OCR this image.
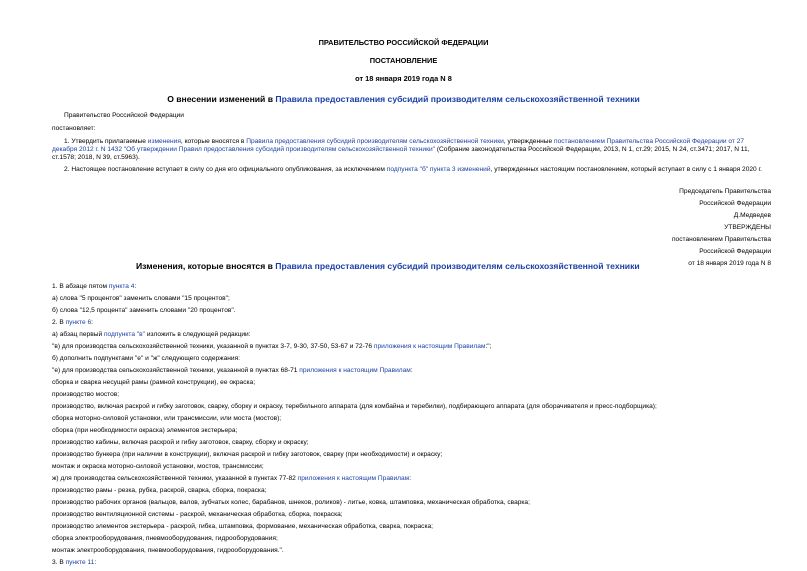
ПРАВИТЕЛЬСТВО РОССИЙСКОЙ ФЕДЕРАЦИИ
ПОСТАНОВЛЕНИЕ
от 18 января 2019 года N 8
О внесении изменений в Правила предоставления субсидий производителям сельскохозяйственной техники
Правительство Российской Федерации
постановляет:
1. Утвердить прилагаемые изменения, которые вносятся в Правила предоставления субсидий производителям сельскохозяйственной техники, утвержденные постановлением Правительства Российской Федерации от 27 декабря 2012 г. N 1432 "Об утверждении Правил предоставления субсидий производителям сельскохозяйственной техники" (Собрание законодательства Российской Федерации, 2013, N 1, ст.29; 2015, N 24, ст.3471; 2017, N 11, ст.1578; 2018, N 39, ст.5963).
2. Настоящее постановление вступает в силу со дня его официального опубликования, за исключением подпункта "б" пункта 3 изменений, утвержденных настоящим постановлением, который вступает в силу с 1 января 2020 г.
Председатель Правительства
Российской Федерации
Д.Медведев
УТВЕРЖДЕНЫ
постановлением Правительства
Российской Федерации
от 18 января 2019 года N 8
Изменения, которые вносятся в Правила предоставления субсидий производителям сельскохозяйственной техники
1. В абзаце пятом пункта 4:
а) слова "5 процентов" заменить словами "15 процентов";
б) слова "12,5 процента" заменить словами "20 процентов".
2. В пункте 6:
а) абзац первый подпункта "в" изложить в следующей редакции:
"в) для производства сельскохозяйственной техники, указанной в пунктах 3-7, 9-30, 37-50, 53-67 и 72-76 приложения к настоящим Правилам:";
б) дополнить подпунктами "е" и "ж" следующего содержания:
"е) для производства сельскохозяйственной техники, указанной в пунктах 68-71 приложения к настоящим Правилам:
сборка и сварка несущей рамы (рамной конструкции), ее окраска;
производство мостов;
производство, включая раскрой и гибку заготовок, сварку, сборку и окраску, теребильного аппарата (для комбайна и теребилки), подбирающего аппарата (для оборачивателя и пресс-подборщика);
сборка моторно-силовой установки, или трансмиссии, или моста (мостов);
сборка (при необходимости окраска) элементов экстерьера;
производство кабины, включая раскрой и гибку заготовок, сварку, сборку и окраску;
производство бункера (при наличии в конструкции), включая раскрой и гибку заготовок, сварку (при необходимости) и окраску;
монтаж и окраска моторно-силовой установки, мостов, трансмиссии;
ж) для производства сельскохозяйственной техники, указанной в пунктах 77-82 приложения к настоящим Правилам:
производство рамы - резка, рубка, раскрой, сварка, сборка, покраска;
производство рабочих органов (вальцов, валов, зубчатых колес, барабанов, шнеков, роликов) - литье, ковка, штамповка, механическая обработка, сварка;
производство вентиляционной системы - раскрой, механическая обработка, сборка, покраска;
производство элементов экстерьера - раскрой, гибка, штамповка, формование, механическая обработка, сварка, покраска;
сборка электрооборудования, пневмооборудования, гидрооборудования;
монтаж электрооборудования, пневмооборудования, гидрооборудования.".
3. В пункте 11:
